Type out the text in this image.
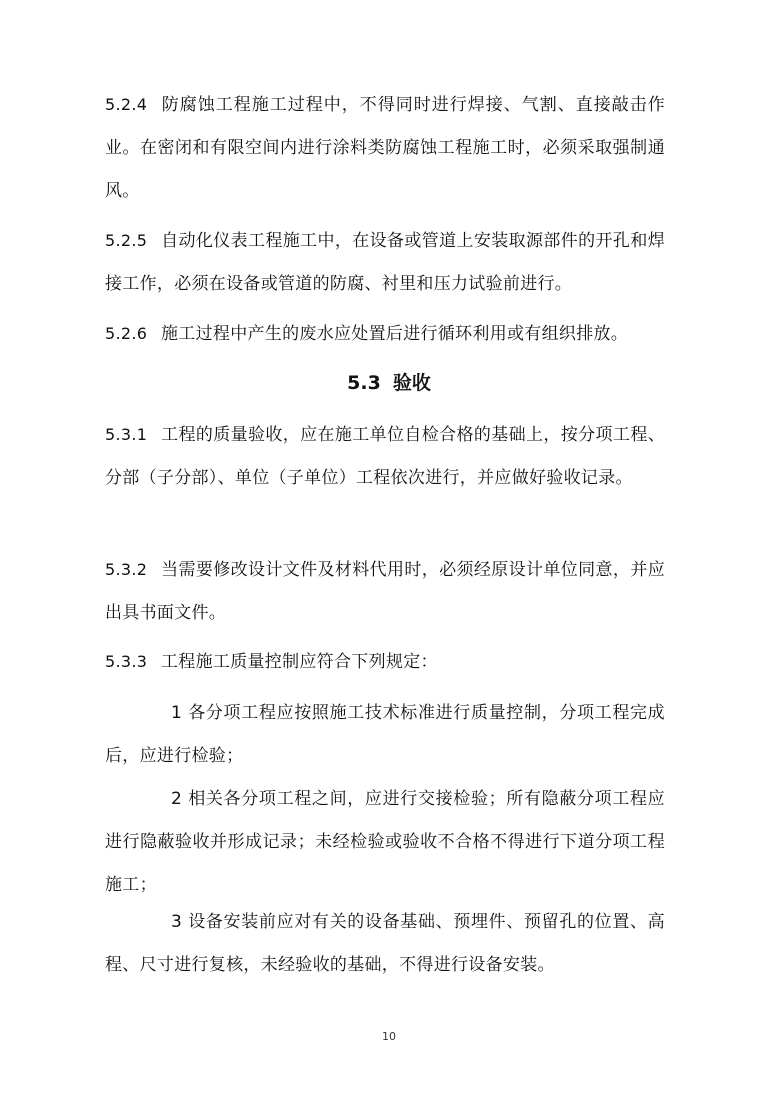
5.2.4 防腐蚀工程施工过程中，不得同时进行焊接、气割、直接敲击作业。在密闭和有限空间内进行涂料类防腐蚀工程施工时，必须采取强制通风。

5.2.5 自动化仪表工程施工中，在设备或管道上安装取源部件的开孔和焊接工作，必须在设备或管道的防腐、衬里和压力试验前进行。

5.2.6 施工过程中产生的废水应处置后进行循环利用或有组织排放。

5.3 验收

5.3.1 工程的质量验收，应在施工单位自检合格的基础上，按分项工程、分部（子分部）、单位（子单位）工程依次进行，并应做好验收记录。

5.3.2 当需要修改设计文件及材料代用时，必须经原设计单位同意，并应出具书面文件。

5.3.3 工程施工质量控制应符合下列规定：

1 各分项工程应按照施工技术标准进行质量控制，分项工程完成后，应进行检验；

2 相关各分项工程之间，应进行交接检验；所有隐蔽分项工程应进行隐蔽验收并形成记录；未经检验或验收不合格不得进行下道分项工程施工；

3 设备安装前应对有关的设备基础、预埋件、预留孔的位置、高程、尺寸进行复核，未经验收的基础，不得进行设备安装。

10
